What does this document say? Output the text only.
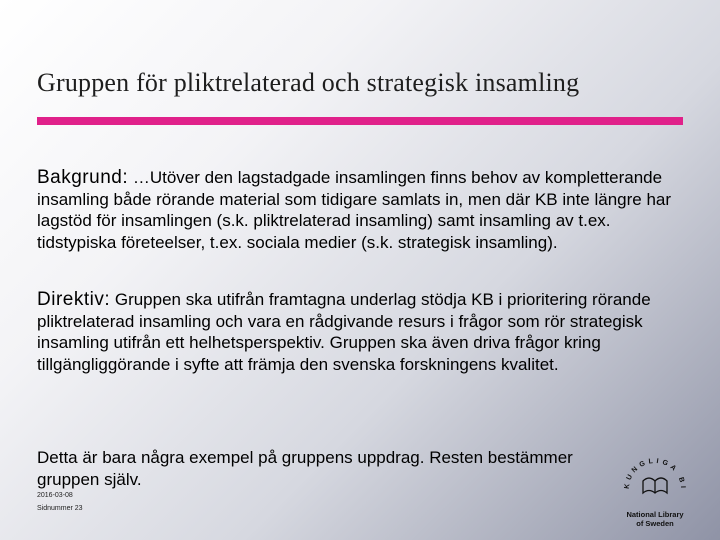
Gruppen för pliktrelaterad och strategisk insamling

Bakgrund: …Utöver den lagstadgade insamlingen finns behov av kompletterande insamling både rörande material som tidigare samlats in, men där KB inte längre har lagstöd för insamlingen (s.k. pliktrelaterad insamling) samt insamling av t.ex. tidstypiska företeelser, t.ex. sociala medier (s.k. strategisk insamling).

Direktiv: Gruppen ska utifrån framtagna underlag stödja KB i prioritering rörande pliktrelaterad insamling och vara en rådgivande resurs i frågor som rör strategisk insamling utifrån ett helhetsperspektiv. Gruppen ska även driva frågor kring tillgängliggörande i syfte att främja den svenska forskningens kvalitet.

Detta är bara några exempel på gruppens uppdrag. Resten bestämmer gruppen själv.

2016-03-08
Sidnummer 23
KUNGLIGA BI
National Library
of Sweden
